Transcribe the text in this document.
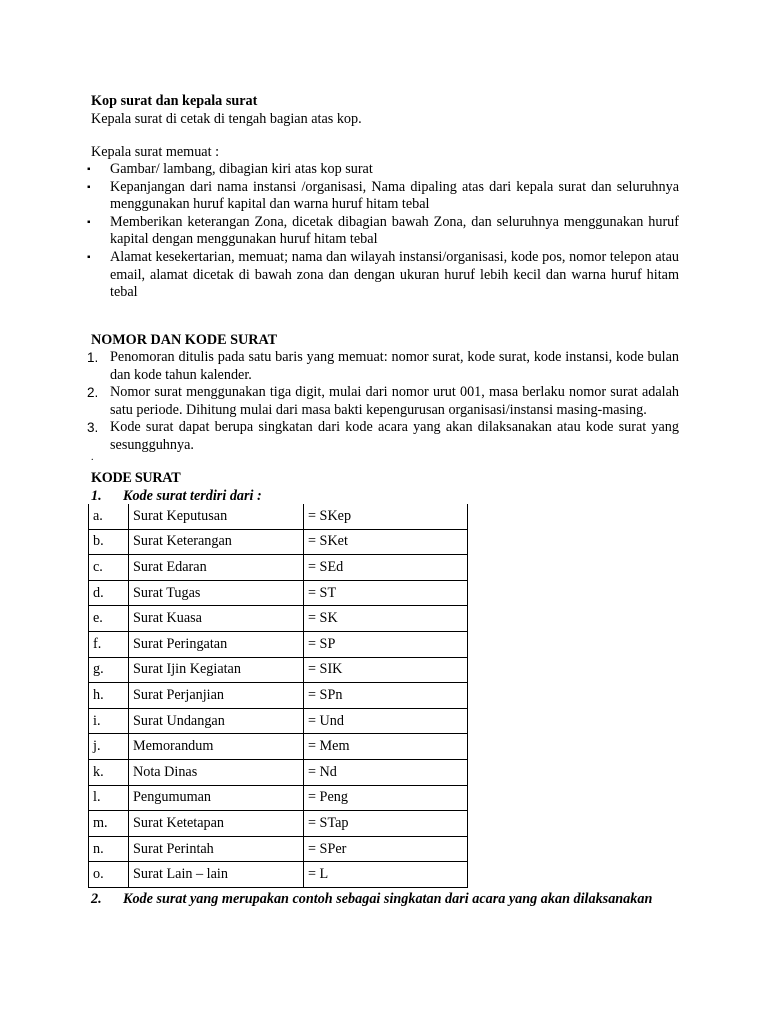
Kop surat dan kepala surat
Kepala surat di cetak di tengah bagian atas kop.
Kepala surat memuat :
▪ Gambar/ lambang, dibagian kiri atas kop surat
▪ Kepanjangan dari nama instansi /organisasi, Nama dipaling atas dari kepala surat dan seluruhnya menggunakan huruf kapital dan warna huruf hitam tebal
▪ Memberikan keterangan Zona, dicetak dibagian bawah Zona, dan seluruhnya menggunakan huruf kapital dengan menggunakan huruf hitam tebal
▪ Alamat kesekertarian, memuat; nama dan wilayah instansi/organisasi, kode pos, nomor telepon atau email, alamat dicetak di bawah zona dan dengan ukuran huruf lebih kecil dan warna huruf hitam tebal
NOMOR DAN KODE SURAT
1. Penomoran ditulis pada satu baris yang memuat: nomor surat, kode surat, kode instansi, kode bulan dan kode tahun kalender.
2. Nomor surat menggunakan tiga digit, mulai dari nomor urut 001, masa berlaku nomor surat adalah satu periode. Dihitung mulai dari masa bakti kepengurusan organisasi/instansi masing-masing.
3. Kode surat dapat berupa singkatan dari kode acara yang akan dilaksanakan atau kode surat yang sesungguhnya.
.
KODE SURAT
1. Kode surat terdiri dari :
a.	Surat Keputusan	= SKep
b.	Surat Keterangan	= SKet
c.	Surat Edaran	= SEd
d.	Surat Tugas	= ST
e.	Surat Kuasa	= SK
f.	Surat Peringatan	= SP
g.	Surat Ijin Kegiatan	= SIK
h.	Surat Perjanjian	= SPn
i.	Surat Undangan	= Und
j.	Memorandum	= Mem
k.	Nota Dinas	= Nd
l.	Pengumuman	= Peng
m.	Surat Ketetapan	= STap
n.	Surat Perintah	= SPer
o.	Surat Lain – lain	= L
2. Kode surat yang merupakan contoh sebagai singkatan dari acara yang akan dilaksanakan
